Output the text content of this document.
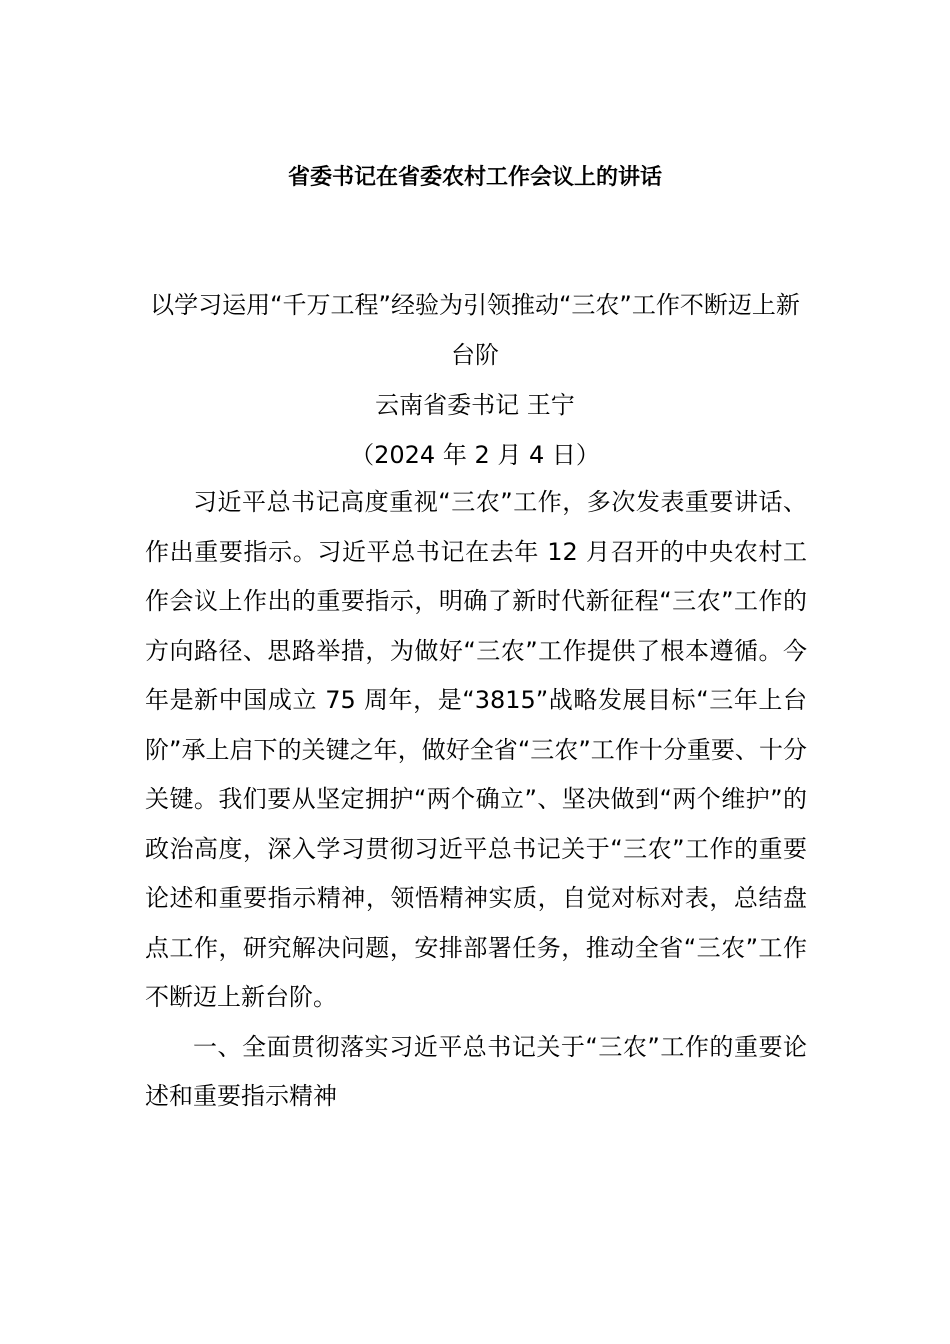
省委书记在省委农村工作会议上的讲话
以学习运用“千万工程”经验为引领推动“三农”工作不断迈上新台阶
云南省委书记 王宁
（2024 年 2 月 4 日）

习近平总书记高度重视“三农”工作，多次发表重要讲话、作出重要指示。习近平总书记在去年 12 月召开的中央农村工作会议上作出的重要指示，明确了新时代新征程“三农”工作的方向路径、思路举措，为做好“三农”工作提供了根本遵循。今年是新中国成立 75 周年，是“3815”战略发展目标“三年上台阶”承上启下的关键之年，做好全省“三农”工作十分重要、十分关键。我们要从坚定拥护“两个确立”、坚决做到“两个维护”的政治高度，深入学习贯彻习近平总书记关于“三农”工作的重要论述和重要指示精神，领悟精神实质，自觉对标对表，总结盘点工作，研究解决问题，安排部署任务，推动全省“三农”工作不断迈上新台阶。

一、全面贯彻落实习近平总书记关于“三农”工作的重要论述和重要指示精神
